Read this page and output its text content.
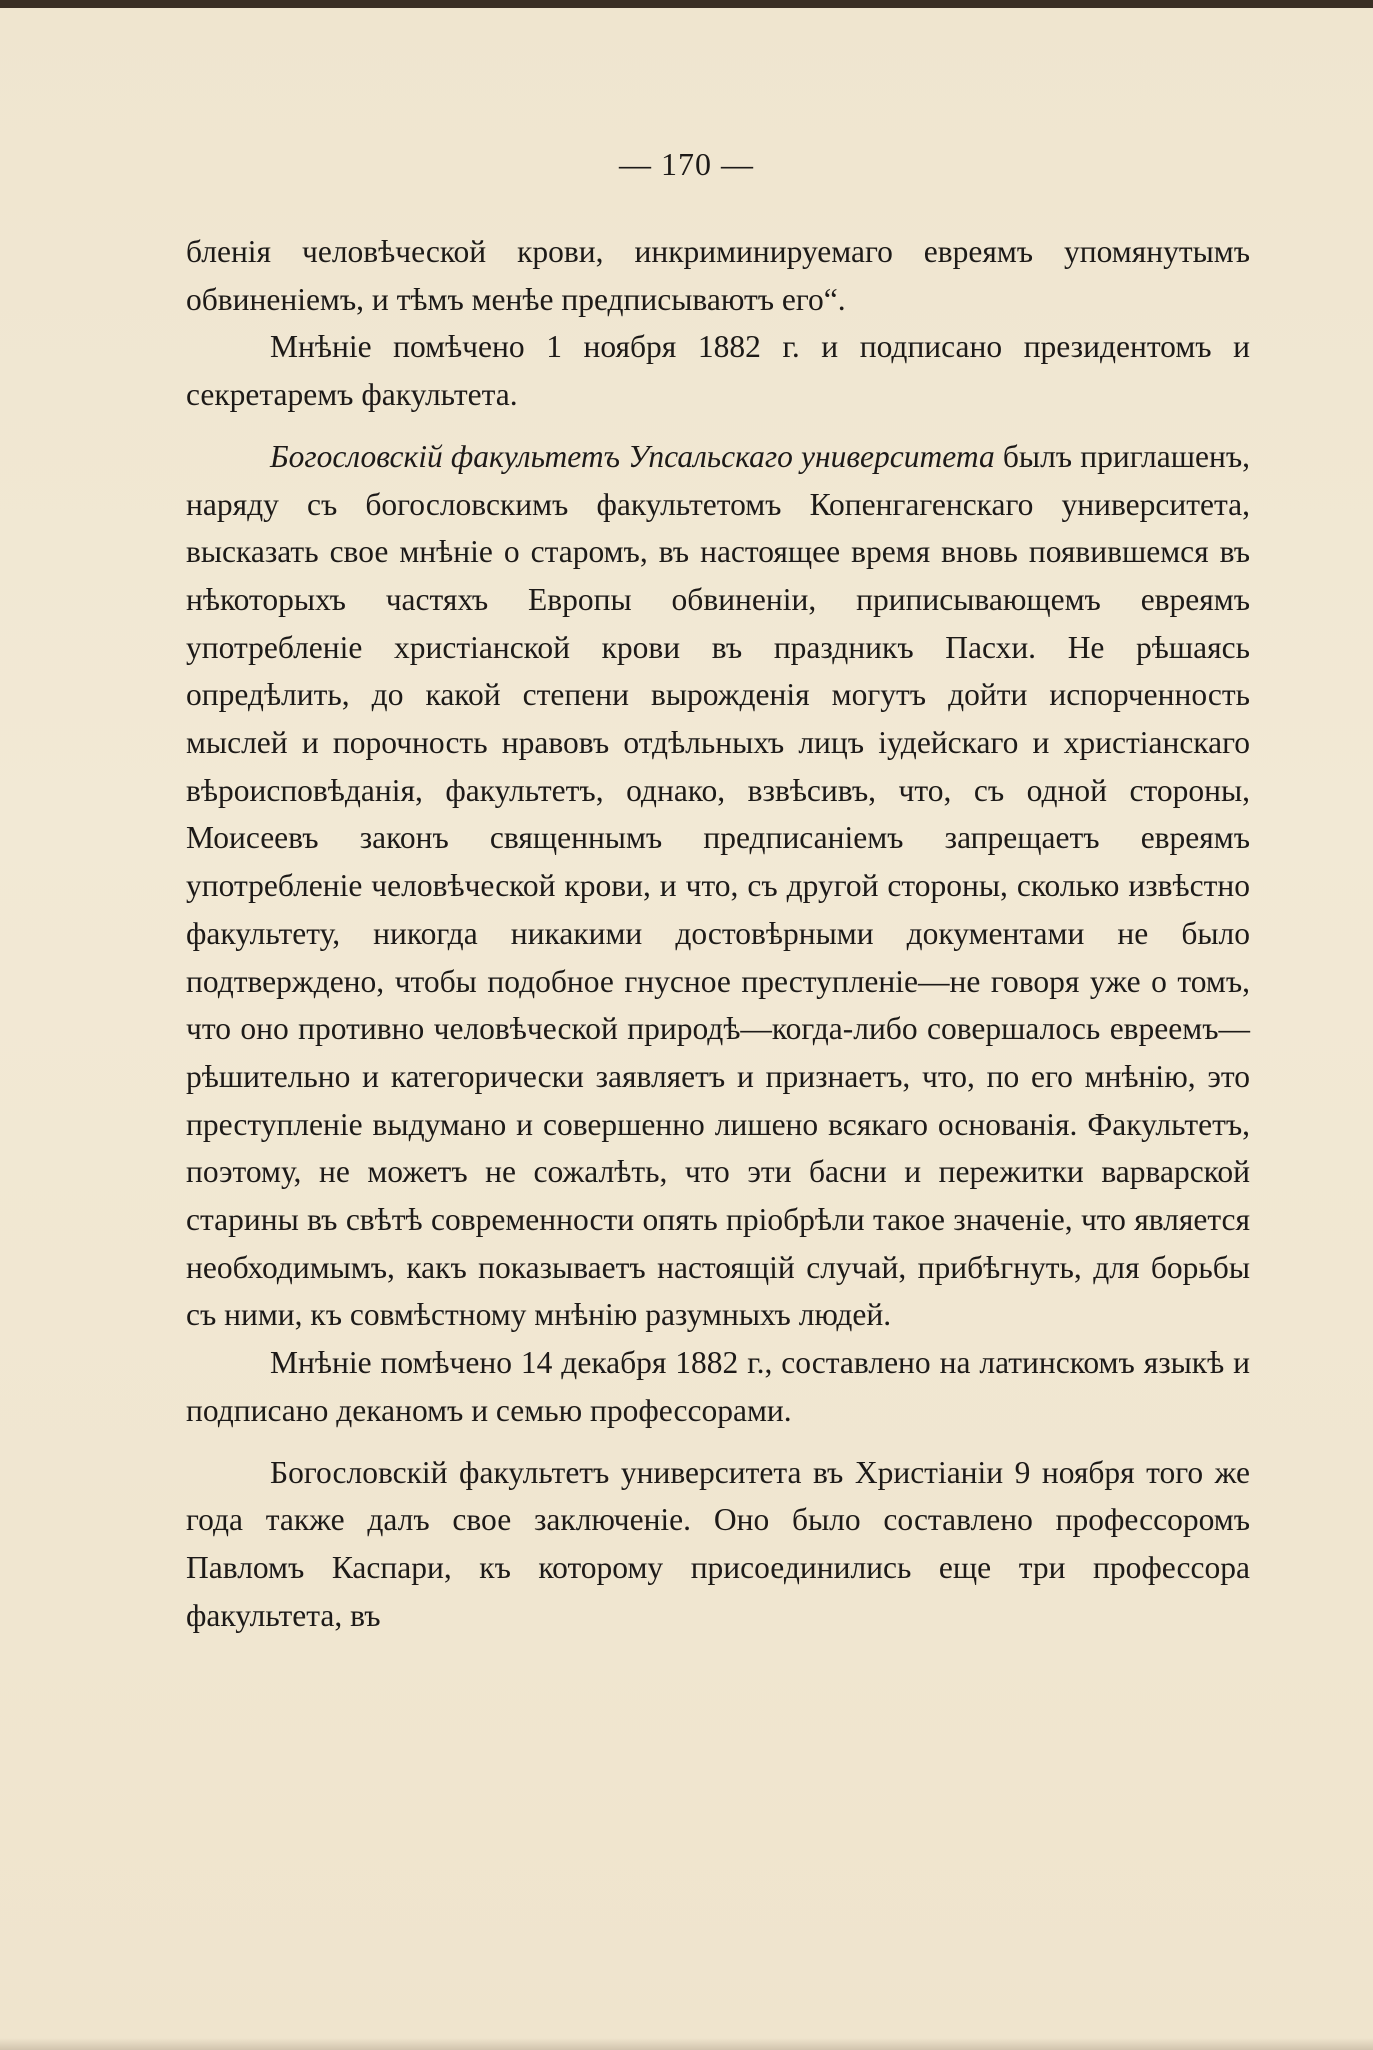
— 170 —

бленія человѣческой крови, инкриминируемаго евреямъ упомянутымъ обвиненіемъ, и тѣмъ менѣе предписываютъ его“.

Мнѣніе помѣчено 1 ноября 1882 г. и подписано президентомъ и секретаремъ факультета.

Богословскій факультетъ Упсальскаго университета былъ приглашенъ, наряду съ богословскимъ факультетомъ Копенгагенскаго университета, высказать свое мнѣніе о старомъ, въ настоящее время вновь появившемся въ нѣкоторыхъ частяхъ Европы обвиненіи, приписывающемъ евреямъ употребленіе христіанской крови въ праздникъ Пасхи. Не рѣшаясь опредѣлить, до какой степени вырожденія могутъ дойти испорченность мыслей и порочность нравовъ отдѣльныхъ лицъ іудейскаго и христіанскаго вѣроисповѣданія, факультетъ, однако, взвѣсивъ, что, съ одной стороны, Моисеевъ законъ священнымъ предписаніемъ запрещаетъ евреямъ употребленіе человѣческой крови, и что, съ другой стороны, сколько извѣстно факультету, никогда никакими достовѣрными документами не было подтверждено, чтобы подобное гнусное преступленіе—не говоря уже о томъ, что оно противно человѣческой природѣ—когда-либо совершалось евреемъ—рѣшительно и категорически заявляетъ и признаетъ, что, по его мнѣнію, это преступленіе выдумано и совершенно лишено всякаго основанія. Факультетъ, поэтому, не можетъ не сожалѣть, что эти басни и пережитки варварской старины въ свѣтѣ современности опять пріобрѣли такое значеніе, что является необходимымъ, какъ показываетъ настоящій случай, прибѣгнуть, для борьбы съ ними, къ совмѣстному мнѣнію разумныхъ людей.

Мнѣніе помѣчено 14 декабря 1882 г., составлено на латинскомъ языкѣ и подписано деканомъ и семью профессорами.

Богословскій факультетъ университета въ Христіаніи 9 ноября того же года также далъ свое заключеніе. Оно было составлено профессоромъ Павломъ Каспари, къ которому присоединились еще три профессора факультета, въ
